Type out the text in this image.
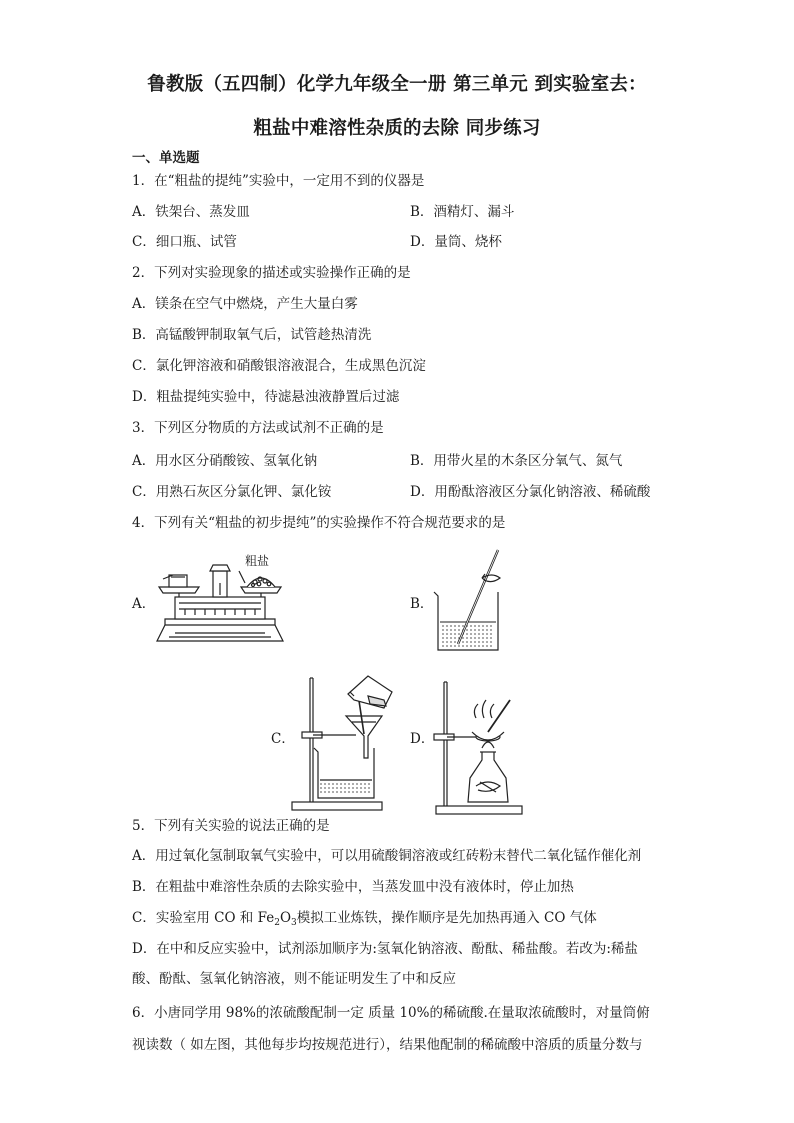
鲁教版（五四制）化学九年级全一册 第三单元 到实验室去：
粗盐中难溶性杂质的去除 同步练习
一、单选题
1．在“粗盐的提纯”实验中，一定用不到的仪器是
A．铁架台、蒸发皿	B．酒精灯、漏斗
C．细口瓶、试管	D．量筒、烧杯
2．下列对实验现象的描述或实验操作正确的是
A．镁条在空气中燃烧，产生大量白雾
B．高锰酸钾制取氧气后，试管趁热清洗
C．氯化钾溶液和硝酸银溶液混合，生成黑色沉淀
D．粗盐提纯实验中，待滤悬浊液静置后过滤
3．下列区分物质的方法或试剂不正确的是
A．用水区分硝酸铵、氢氧化钠	B．用带火星的木条区分氧气、氮气
C．用熟石灰区分氯化钾、氯化铵	D．用酚酞溶液区分氯化钠溶液、稀硫酸
4．下列有关“粗盐的初步提纯”的实验操作不符合规范要求的是
A．	B．
C．	D．
粗盐
5．下列有关实验的说法正确的是
A．用过氧化氢制取氧气实验中，可以用硫酸铜溶液或红砖粉末替代二氧化锰作催化剂
B．在粗盐中难溶性杂质的去除实验中，当蒸发皿中没有液体时，停止加热
C．实验室用 CO 和 $Fe_2O_3$模拟工业炼铁，操作顺序是先加热再通入 CO 气体
D．在中和反应实验中，试剂添加顺序为:氢氧化钠溶液、酚酞、稀盐酸。若改为:稀盐
酸、酚酞、氢氧化钠溶液，则不能证明发生了中和反应
6．小唐同学用 98%的浓硫酸配制一定 质量 10%的稀硫酸.在量取浓硫酸时，对量筒俯
视读数（ 如左图，其他每步均按规范进行），结果他配制的稀硫酸中溶质的质量分数与
